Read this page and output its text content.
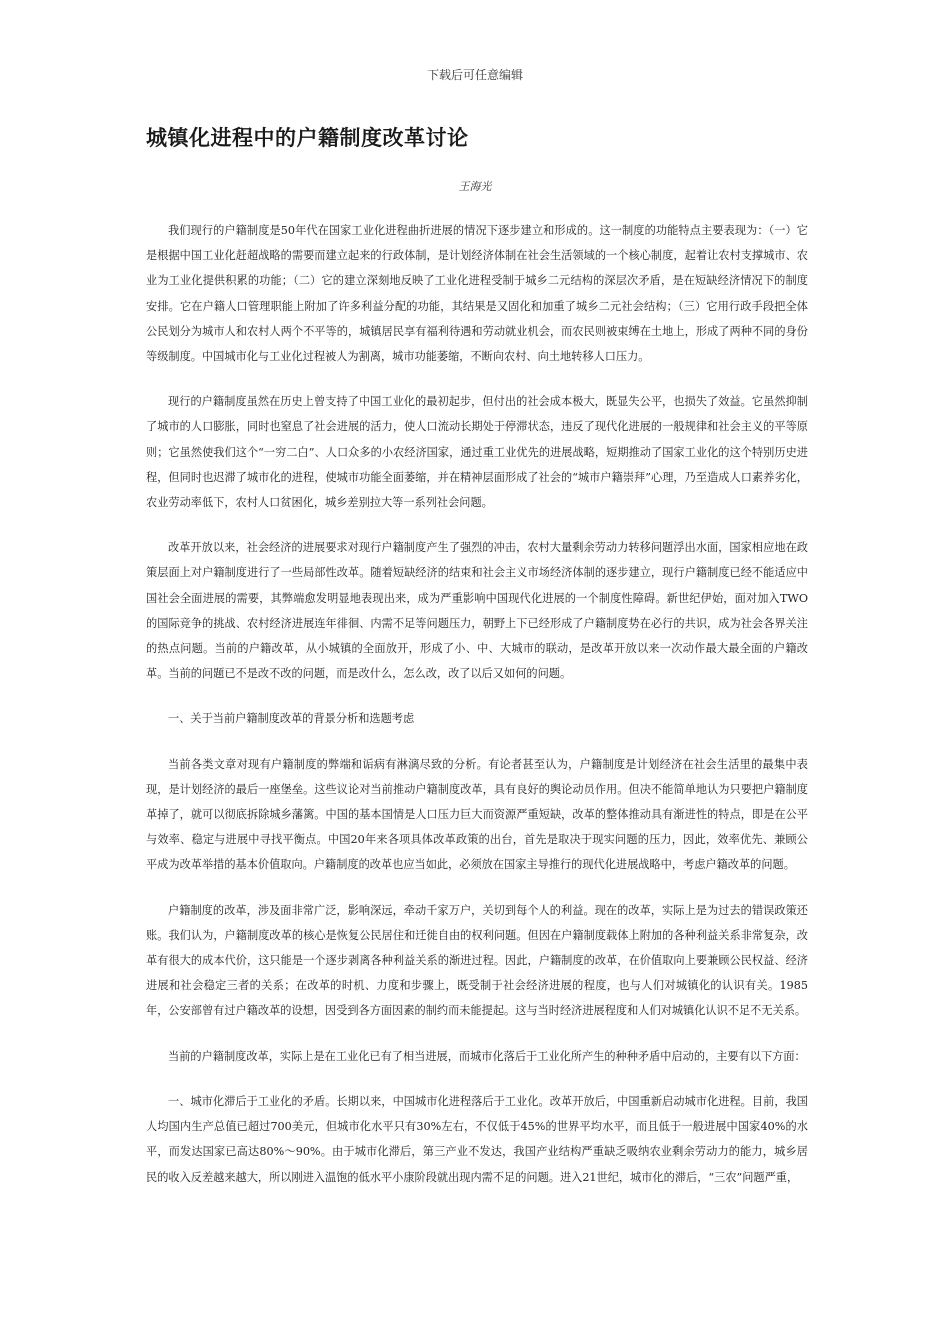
下载后可任意编辑
城镇化进程中的户籍制度改革讨论
王海光

我们现行的户籍制度是50年代在国家工业化进程曲折进展的情况下逐步建立和形成的。这一制度的功能特点主要表现为：（一）它是根据中国工业化赶超战略的需要而建立起来的行政体制，是计划经济体制在社会生活领域的一个核心制度，起着让农村支撑城市、农业为工业化提供积累的功能；（二）它的建立深刻地反映了工业化进程受制于城乡二元结构的深层次矛盾，是在短缺经济情况下的制度安排。它在户籍人口管理职能上附加了许多利益分配的功能，其结果是又固化和加重了城乡二元社会结构；（三）它用行政手段把全体公民划分为城市人和农村人两个不平等的，城镇居民享有福利待遇和劳动就业机会，而农民则被束缚在土地上，形成了两种不同的身份等级制度。中国城市化与工业化过程被人为割离，城市功能萎缩，不断向农村、向土地转移人口压力。

现行的户籍制度虽然在历史上曾支持了中国工业化的最初起步，但付出的社会成本极大，既显失公平，也损失了效益。它虽然抑制了城市的人口膨胀，同时也窒息了社会进展的活力，使人口流动长期处于停滞状态，违反了现代化进展的一般规律和社会主义的平等原则；它虽然使我们这个“一穷二白”、人口众多的小农经济国家，通过重工业优先的进展战略，短期推动了国家工业化的这个特别历史进程，但同时也迟滞了城市化的进程，使城市功能全面萎缩，并在精神层面形成了社会的“城市户籍崇拜”心理，乃至造成人口素养劣化，农业劳动率低下，农村人口贫困化，城乡差别拉大等一系列社会问题。

改革开放以来，社会经济的进展要求对现行户籍制度产生了强烈的冲击，农村大量剩余劳动力转移问题浮出水面，国家相应地在政策层面上对户籍制度进行了一些局部性改革。随着短缺经济的结束和社会主义市场经济体制的逐步建立，现行户籍制度已经不能适应中国社会全面进展的需要，其弊端愈发明显地表现出来，成为严重影响中国现代化进展的一个制度性障碍。新世纪伊始，面对加入TWO的国际竞争的挑战、农村经济进展连年徘徊、内需不足等问题压力，朝野上下已经形成了户籍制度势在必行的共识，成为社会各界关注的热点问题。当前的户籍改革，从小城镇的全面放开，形成了小、中、大城市的联动，是改革开放以来一次动作最大最全面的户籍改革。当前的问题已不是改不改的问题，而是改什么，怎么改，改了以后又如何的问题。

一、关于当前户籍制度改革的背景分析和选题考虑

当前各类文章对现有户籍制度的弊端和诟病有淋漓尽致的分析。有论者甚至认为，户籍制度是计划经济在社会生活里的最集中表现，是计划经济的最后一座堡垒。这些议论对当前推动户籍制度改革，具有良好的舆论动员作用。但决不能简单地认为只要把户籍制度革掉了，就可以彻底拆除城乡藩篱。中国的基本国情是人口压力巨大而资源严重短缺，改革的整体推动具有渐进性的特点，即是在公平与效率、稳定与进展中寻找平衡点。中国20年来各项具体改革政策的出台，首先是取决于现实问题的压力，因此，效率优先、兼顾公平成为改革举措的基本价值取向。户籍制度的改革也应当如此，必须放在国家主导推行的现代化进展战略中，考虑户籍改革的问题。

户籍制度的改革，涉及面非常广泛，影响深远，牵动千家万户，关切到每个人的利益。现在的改革，实际上是为过去的错误政策还账。我们认为，户籍制度改革的核心是恢复公民居住和迁徙自由的权利问题。但因在户籍制度载体上附加的各种利益关系非常复杂，改革有很大的成本代价，这只能是一个逐步剥离各种利益关系的渐进过程。因此，户籍制度的改革，在价值取向上要兼顾公民权益、经济进展和社会稳定三者的关系；在改革的时机、力度和步骤上，既受制于社会经济进展的程度，也与人们对城镇化的认识有关。1985年，公安部曾有过户籍改革的设想，因受到各方面因素的制约而未能提起。这与当时经济进展程度和人们对城镇化认识不足不无关系。

当前的户籍制度改革，实际上是在工业化已有了相当进展，而城市化落后于工业化所产生的种种矛盾中启动的，主要有以下方面：

一、城市化滞后于工业化的矛盾。长期以来，中国城市化进程落后于工业化。改革开放后，中国重新启动城市化进程。目前，我国人均国内生产总值已超过700美元，但城市化水平只有30%左右，不仅低于45%的世界平均水平，而且低于一般进展中国家40%的水平，而发达国家已高达80%～90%。由于城市化滞后，第三产业不发达，我国产业结构严重缺乏吸纳农业剩余劳动力的能力，城乡居民的收入反差越来越大，所以刚进入温饱的低水平小康阶段就出现内需不足的问题。进入21世纪，城市化的滞后，“三农”问题严重，
